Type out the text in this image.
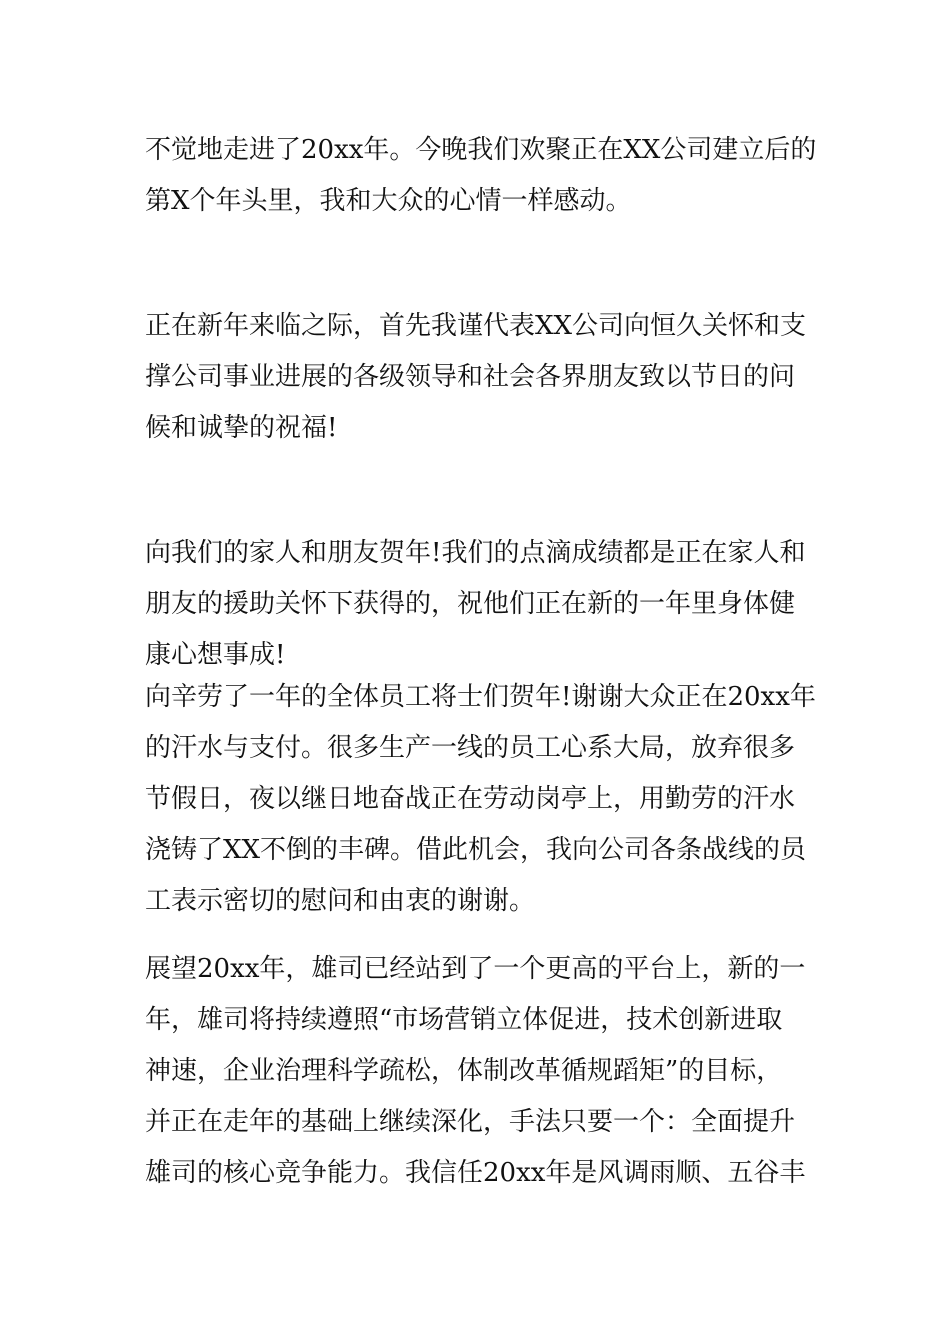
不觉地走进了20xx年。今晚我们欢聚正在XX公司建立后的
第X个年头里，我和大众的心情一样感动。
正在新年来临之际，首先我谨代表XX公司向恒久关怀和支
撑公司事业进展的各级领导和社会各界朋友致以节日的问
候和诚挚的祝福!
向我们的家人和朋友贺年!我们的点滴成绩都是正在家人和
朋友的援助关怀下获得的，祝他们正在新的一年里身体健
康心想事成!
向辛劳了一年的全体员工将士们贺年!谢谢大众正在20xx年
的汗水与支付。很多生产一线的员工心系大局，放弃很多
节假日，夜以继日地奋战正在劳动岗亭上，用勤劳的汗水
浇铸了XX不倒的丰碑。借此机会，我向公司各条战线的员
工表示密切的慰问和由衷的谢谢。
展望20xx年，雄司已经站到了一个更高的平台上，新的一
年，雄司将持续遵照“市场营销立体促进，技术创新进取
神速，企业治理科学疏松，体制改革循规蹈矩”的目标，
并正在走年的基础上继续深化，手法只要一个：全面提升
雄司的核心竞争能力。我信任20xx年是风调雨顺、五谷丰
